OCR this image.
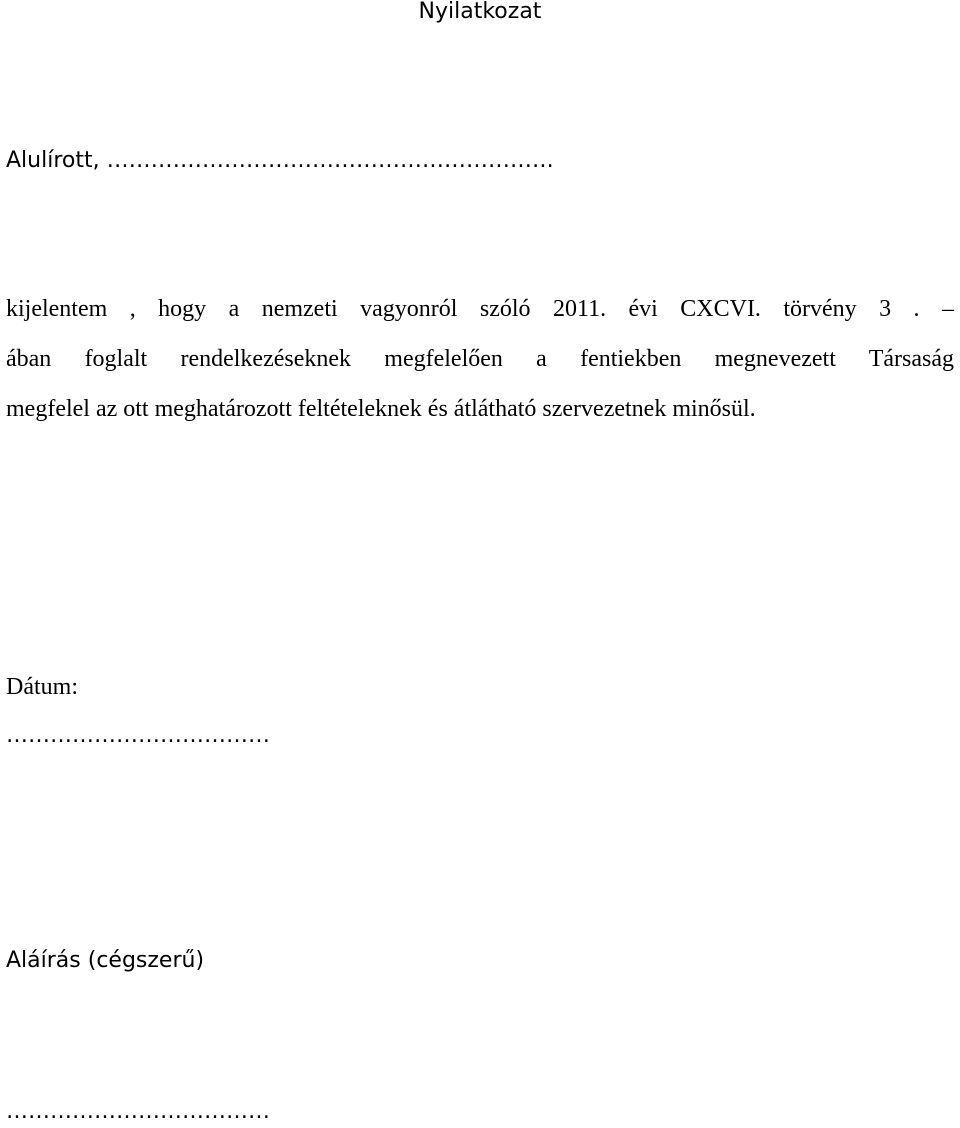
Nyilatkozat

Alulírott, …………………………………………………….

kijelentem , hogy a nemzeti vagyonról szóló 2011. évi CXCVI. törvény 3 . –

ában foglalt rendelkezéseknek megfelelően a fentiekben megnevezett Társaság

megfelel az ott meghatározott feltételeknek és átlátható szervezetnek minősül.

Dátum:

………………………………

Aláírás (cégszerű)

………………………………
